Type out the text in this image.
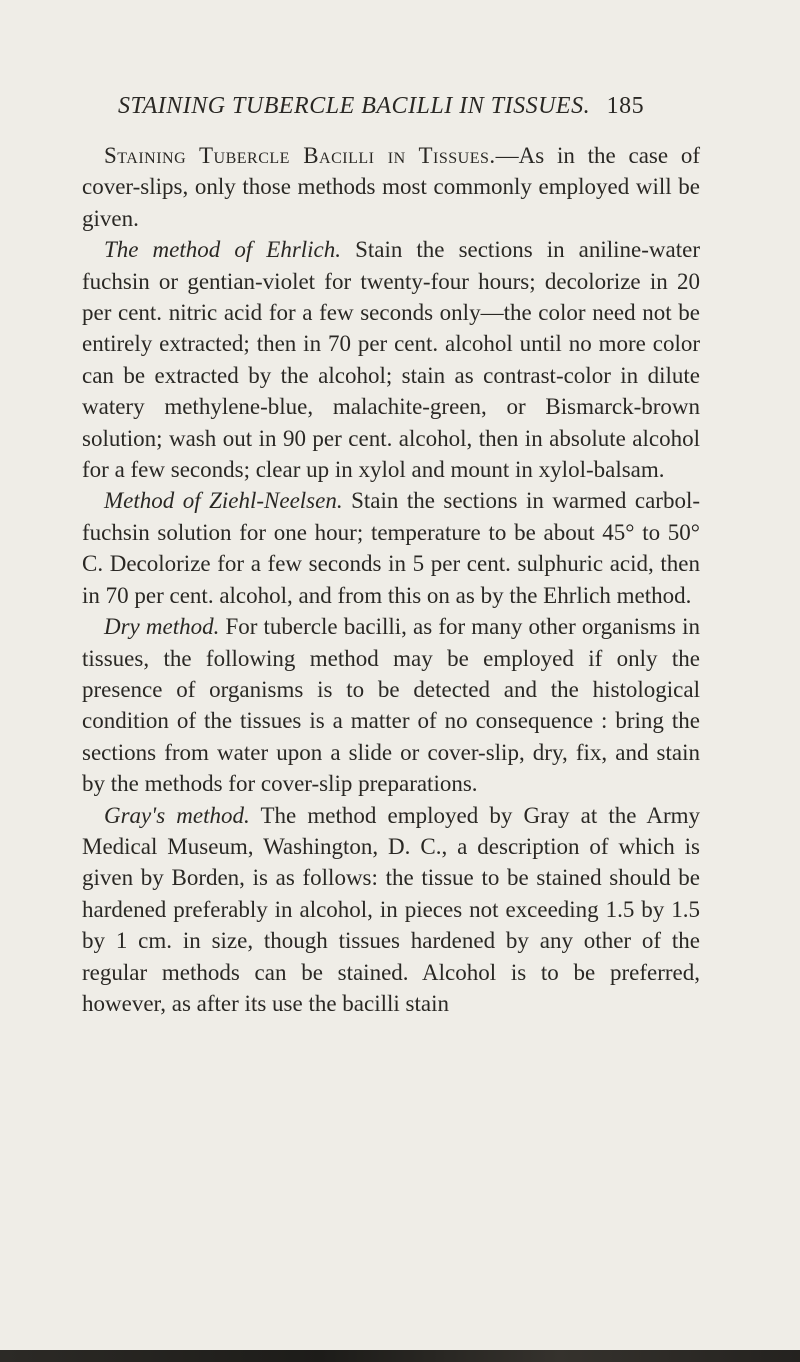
STAINING TUBERCLE BACILLI IN TISSUES. 185

Staining Tubercle Bacilli in Tissues.—As in the case of cover-slips, only those methods most commonly employed will be given.

The method of Ehrlich. Stain the sections in aniline-water fuchsin or gentian-violet for twenty-four hours; decolorize in 20 per cent. nitric acid for a few seconds only—the color need not be entirely extracted; then in 70 per cent. alcohol until no more color can be extracted by the alcohol; stain as contrast-color in dilute watery methylene-blue, malachite-green, or Bismarck-brown solution; wash out in 90 per cent. alcohol, then in absolute alcohol for a few seconds; clear up in xylol and mount in xylol-balsam.

Method of Ziehl-Neelsen. Stain the sections in warmed carbol-fuchsin solution for one hour; temperature to be about 45° to 50° C. Decolorize for a few seconds in 5 per cent. sulphuric acid, then in 70 per cent. alcohol, and from this on as by the Ehrlich method.

Dry method. For tubercle bacilli, as for many other organisms in tissues, the following method may be employed if only the presence of organisms is to be detected and the histological condition of the tissues is a matter of no consequence : bring the sections from water upon a slide or cover-slip, dry, fix, and stain by the methods for cover-slip preparations.

Gray's method. The method employed by Gray at the Army Medical Museum, Washington, D. C., a description of which is given by Borden, is as follows: the tissue to be stained should be hardened preferably in alcohol, in pieces not exceeding 1.5 by 1.5 by 1 cm. in size, though tissues hardened by any other of the regular methods can be stained. Alcohol is to be preferred, however, as after its use the bacilli stain
